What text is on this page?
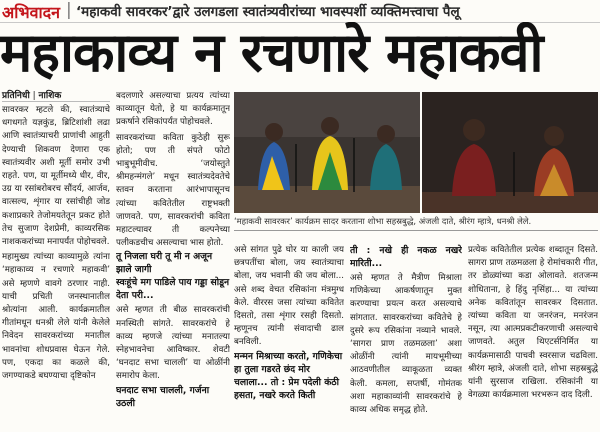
अभिवादन | ‘महाकवी सावरकर’द्वारे उलगडला स्वातंत्र्यवीरांच्या भावस्पर्शी व्यक्तिमत्त्वाचा पैलू
महाकाव्य न रचणारे महाकवी
प्रतिनिधी | नाशिक

सावरकर म्हटले की, स्वातंत्र्याचे धगधगते यज्ञकुंड, ब्रिटिशांशी लढा आणि स्वातंत्र्याचरी प्राणांची आहुती देण्याची शिकवण देणारा एक स्वातंत्र्यवीर अशी मूर्ती समोर उभी राहते. पण, या मूर्तीमध्ये धीर, वीर, उग्र या रसांबरोबरच सौंदर्य, आर्जव, वात्सल्य, शृंगार या रसांचीही जोड कशाप्रकारे तेजोमयतेतून प्रकट होते तेच सुजाण देशप्रेमी, काव्यरसिक नाशककरांच्या मनापर्यंत पोहोचवले.

महामुख्य त्यांच्या काव्यामुळे त्यांना ‘महाकाव्य न रचणारे महाकवी’ असे म्हणणे वावगे ठरणार नाही. याची प्रचिती जनस्थानातील श्रोत्यांना आली. कार्यक्रमातील गीतांमधून धनश्री लेले यांनी केलेले निवेदन सावरकरांच्या मनातील भावनांचा शोधप्रवास घेऊन गेले. पण, एकदा का कळले की, जगण्याकडे बघण्याचा दृष्टिकोन

बदलणारे असल्याचा प्रत्यय त्यांच्या काव्यातून येतो, हे या कार्यक्रमातून प्रकर्षाने रसिकांपर्यंत पोहोचवले.

सावरकरांच्या कविता कुठेही सुरू होतो; पण ती संपते फोटो भाबुभूमीवीच. ‘जयोस्तुते श्रीमहन्मंगले’ मधून स्वातंत्र्यदेवतेचे स्तवन करताना आरंभापासूनच त्यांच्या कवितेतील राष्ट्रभक्ती जाणवते. पण, सावरकरांची कविता महाटल्यावर ती कल्पनेच्या पलीकडचीच असल्याचा भास होतो.

तू निजला घरी तू मी न अजून झाले जागी

स्वःहूंचे मग पाडिले पाय गड्डा सोडून देता परी...

असे म्हणत ती बीळ सावरकरांची मनस्थिती सांगते. सावरकरांचे हे काव्य म्हणजे त्यांच्या मनातल्या स्नेहभावनेचा आविष्कार. शेवटी ‘घनदाट सभा चालली’ या ओळींनी समारोप केला.

घनदाट सभा चालली, गर्जना उठली

‘महाकवी सावरकर’ कार्यक्रम सादर करताना शोभा सहस्रबुद्धे, अंजली दाते, श्रीरंग म्हात्रे, धनश्री लेले.

असे सांगत पुढे घोर या काली जय छत्रपतींचा बोला, जय स्वातंत्र्याचा बोला, जय भवानी की जय बोला... असे शब्द वेचत रसिकांना मंत्रमुग्ध केले. वीररस जसा त्यांच्या कवितेत दिसतो, तसा शृंगार रसही दिसतो. म्हणूनच त्यांनी संवादाची ढाल बनविली.

मन्मन मिश्राच्या करतो, गणिकेचा हा तुला गडरते छंद मोर चलाला... तो : प्रेम पदेली कंठी हसता, नखरे करते किती

ती : नखे ही नकळ नखरे मारिती...

असे म्हणत ते मैत्रीण मिश्राला गणिकेच्या आकर्षणातून मुक्त करण्याचा प्रयत्न करत असल्याचे सांगतात. सावरकरांच्या कवितेचे हे दुसरे रूप रसिकांना नव्याने भावले. ‘सागरा प्राण तळमळला’ अशा ओळींनी त्यांनी मायभूमीच्या आठवणीतील व्याकूळता व्यक्त केली. कमला, सप्तर्षी, गोमंतक अशा महाकाव्यांनी सावरकरांचे हे काव्य अधिक समृद्ध होते.

प्रत्येक कवितेतील प्रत्येक शब्दातून दिसते. सागरा प्राण तळमळला हे रोमांचकारी गीत, तर डोळ्यांच्या कडा ओलावते. शतजन्म शोधिताना, हे हिंदु नृसिंहा... या त्यांच्या अनेक कवितांतून सावरकर दिसतात. त्यांच्या कविता या जनरंजन, मनरंजन नसून, त्या आत्मप्रकटीकरणाची असल्याचे जाणवते. अतुल थिएटर्सनिर्मित या कार्यक्रमासाठी पाचवी स्वरसाज चढविला. श्रीरंग म्हात्रे, अंजली दाते, शोभा सहस्रबुद्धे यांनी सुरसाज राखिला. रसिकांनी या वेगळ्या कार्यक्रमाला भरभरून दाद दिली.
